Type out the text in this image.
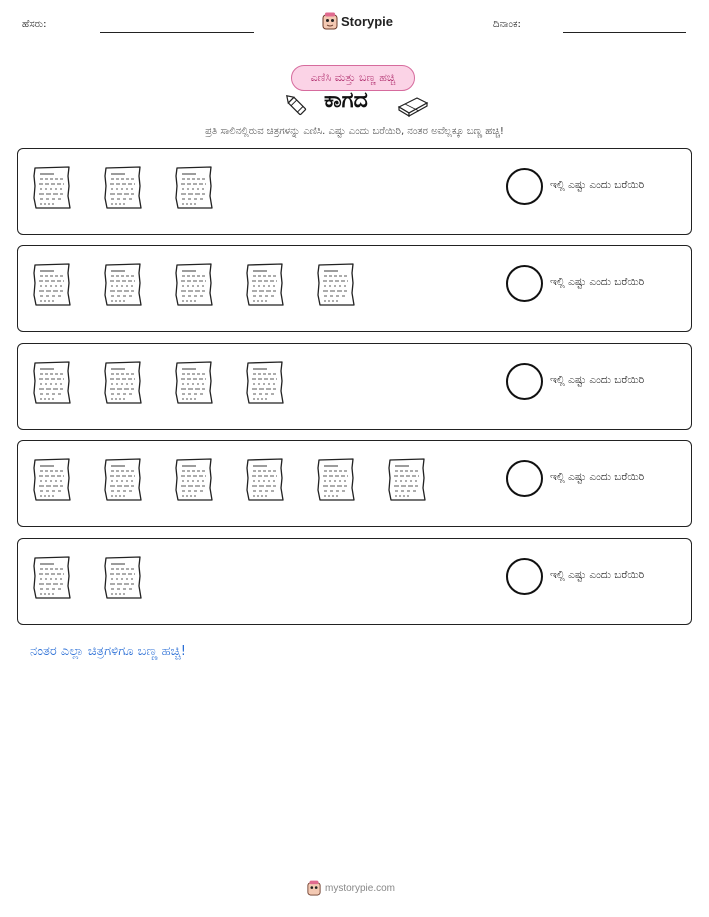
ಹೆಸರು:	Storypie	ದಿನಾಂಕ:
ಎಣಿಸಿ ಮತ್ತು ಬಣ್ಣ ಹಚ್ಚಿ
ಕಾಗದ
ಪ್ರತಿ ಸಾಲಿನಲ್ಲಿರುವ ಚಿತ್ರಗಳನ್ನು ಎಣಿಸಿ. ಎಷ್ಟು ಎಂದು ಬರೆಯಿರಿ, ನಂತರ ಅವೆಲ್ಲಕ್ಕೂ ಬಣ್ಣ ಹಚ್ಚಿ!
ಇಲ್ಲಿ ಎಷ್ಟು ಎಂದು ಬರೆಯಿರಿ
ಇಲ್ಲಿ ಎಷ್ಟು ಎಂದು ಬರೆಯಿರಿ
ಇಲ್ಲಿ ಎಷ್ಟು ಎಂದು ಬರೆಯಿರಿ
ಇಲ್ಲಿ ಎಷ್ಟು ಎಂದು ಬರೆಯಿರಿ
ಇಲ್ಲಿ ಎಷ್ಟು ಎಂದು ಬರೆಯಿರಿ
ನಂತರ ಎಲ್ಲಾ ಚಿತ್ರಗಳಿಗೂ ಬಣ್ಣ ಹಚ್ಚಿ!
mystorypie.com
